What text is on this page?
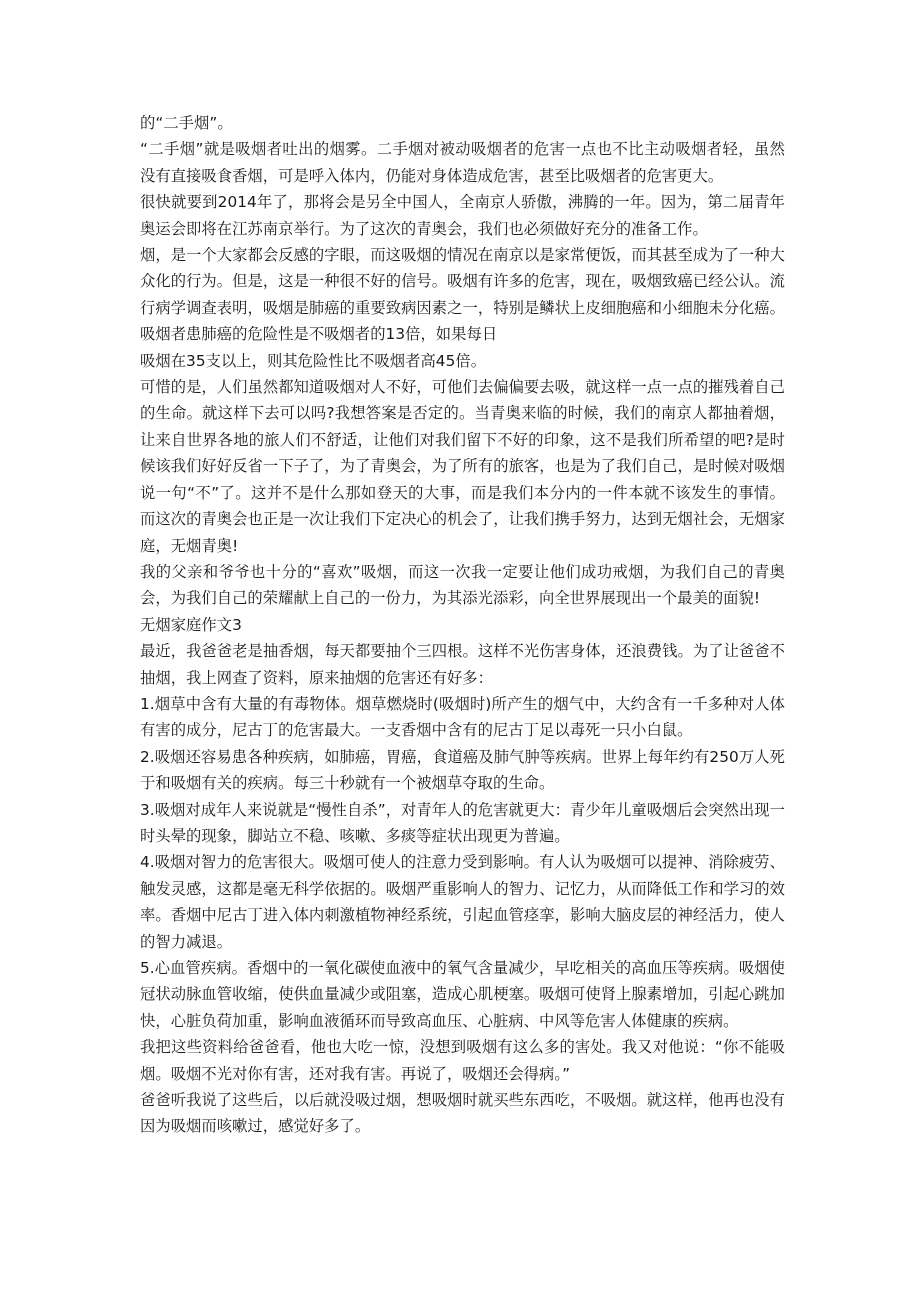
的“二手烟”。

“二手烟”就是吸烟者吐出的烟雾。二手烟对被动吸烟者的危害一点也不比主动吸烟者轻，虽然没有直接吸食香烟，可是呼入体内，仍能对身体造成危害，甚至比吸烟者的危害更大。

很快就要到2014年了，那将会是另全中国人，全南京人骄傲，沸腾的一年。因为，第二届青年奥运会即将在江苏南京举行。为了这次的青奥会，我们也必须做好充分的准备工作。

烟，是一个大家都会反感的字眼，而这吸烟的情况在南京以是家常便饭，而其甚至成为了一种大众化的行为。但是，这是一种很不好的信号。吸烟有许多的危害，现在，吸烟致癌已经公认。流行病学调查表明，吸烟是肺癌的重要致病因素之一，特别是鳞状上皮细胞癌和小细胞未分化癌。吸烟者患肺癌的危险性是不吸烟者的13倍，如果每日

吸烟在35支以上，则其危险性比不吸烟者高45倍。

可惜的是，人们虽然都知道吸烟对人不好，可他们去偏偏要去吸，就这样一点一点的摧残着自己的生命。就这样下去可以吗?我想答案是否定的。当青奥来临的时候，我们的南京人都抽着烟，让来自世界各地的旅人们不舒适，让他们对我们留下不好的印象，这不是我们所希望的吧?是时候该我们好好反省一下子了，为了青奥会，为了所有的旅客，也是为了我们自己，是时候对吸烟说一句“不”了。这并不是什么那如登天的大事，而是我们本分内的一件本就不该发生的事情。而这次的青奥会也正是一次让我们下定决心的机会了，让我们携手努力，达到无烟社会，无烟家庭，无烟青奥!

我的父亲和爷爷也十分的“喜欢”吸烟，而这一次我一定要让他们成功戒烟，为我们自己的青奥会，为我们自己的荣耀献上自己的一份力，为其添光添彩，向全世界展现出一个最美的面貌!

无烟家庭作文3

最近，我爸爸老是抽香烟，每天都要抽个三四根。这样不光伤害身体，还浪费钱。为了让爸爸不抽烟，我上网查了资料，原来抽烟的危害还有好多：

1.烟草中含有大量的有毒物体。烟草燃烧时(吸烟时)所产生的烟气中，大约含有一千多种对人体有害的成分，尼古丁的危害最大。一支香烟中含有的尼古丁足以毒死一只小白鼠。

2.吸烟还容易患各种疾病，如肺癌，胃癌，食道癌及肺气肿等疾病。世界上每年约有250万人死于和吸烟有关的疾病。每三十秒就有一个被烟草夺取的生命。

3.吸烟对成年人来说就是“慢性自杀”，对青年人的危害就更大：青少年儿童吸烟后会突然出现一时头晕的现象，脚站立不稳、咳嗽、多痰等症状出现更为普遍。

4.吸烟对智力的危害很大。吸烟可使人的注意力受到影响。有人认为吸烟可以提神、消除疲劳、触发灵感，这都是毫无科学依据的。吸烟严重影响人的智力、记忆力，从而降低工作和学习的效率。香烟中尼古丁进入体内刺激植物神经系统，引起血管痉挛，影响大脑皮层的神经活力，使人的智力减退。

5.心血管疾病。香烟中的一氧化碳使血液中的氧气含量减少，早吃相关的高血压等疾病。吸烟使冠状动脉血管收缩，使供血量减少或阻塞，造成心肌梗塞。吸烟可使肾上腺素增加，引起心跳加快，心脏负荷加重，影响血液循环而导致高血压、心脏病、中风等危害人体健康的疾病。

我把这些资料给爸爸看，他也大吃一惊，没想到吸烟有这么多的害处。我又对他说：“你不能吸烟。吸烟不光对你有害，还对我有害。再说了，吸烟还会得病。”

爸爸听我说了这些后，以后就没吸过烟，想吸烟时就买些东西吃，不吸烟。就这样，他再也没有因为吸烟而咳嗽过，感觉好多了。
